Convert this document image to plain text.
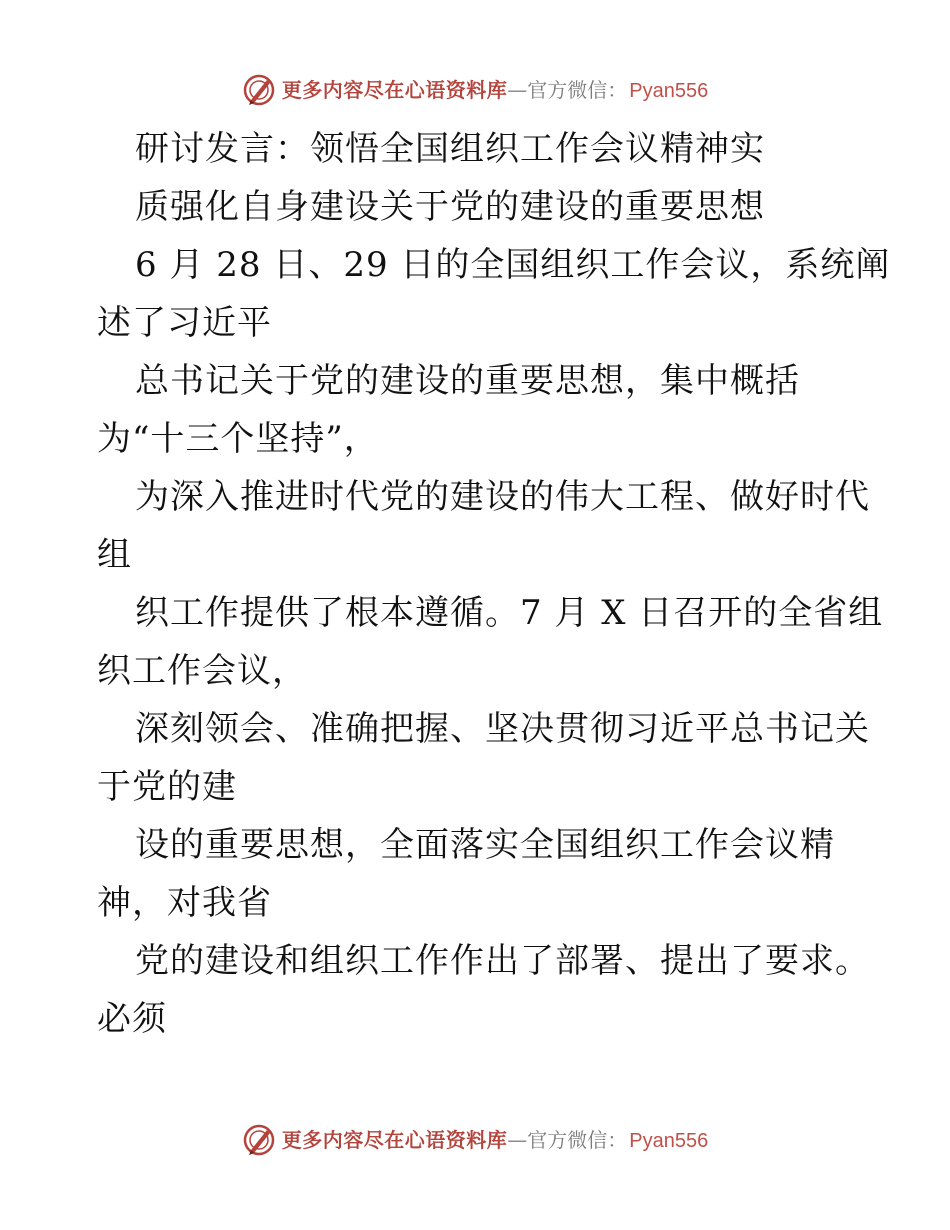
更多内容尽在心语资料库 — 官方微信： Pyan556
研讨发言：领悟全国组织工作会议精神实
质强化自身建设关于党的建设的重要思想
6 月 28 日、29 日的全国组织工作会议，系统阐
述了习近平
总书记关于党的建设的重要思想，集中概括
为“十三个坚持”，
为深入推进时代党的建设的伟大工程、做好时代
组
织工作提供了根本遵循。7 月 X 日召开的全省组
织工作会议，
深刻领会、准确把握、坚决贯彻习近平总书记关
于党的建
设的重要思想，全面落实全国组织工作会议精
神，对我省
党的建设和组织工作作出了部署、提出了要求。
必须
更多内容尽在心语资料库 — 官方微信： Pyan556
